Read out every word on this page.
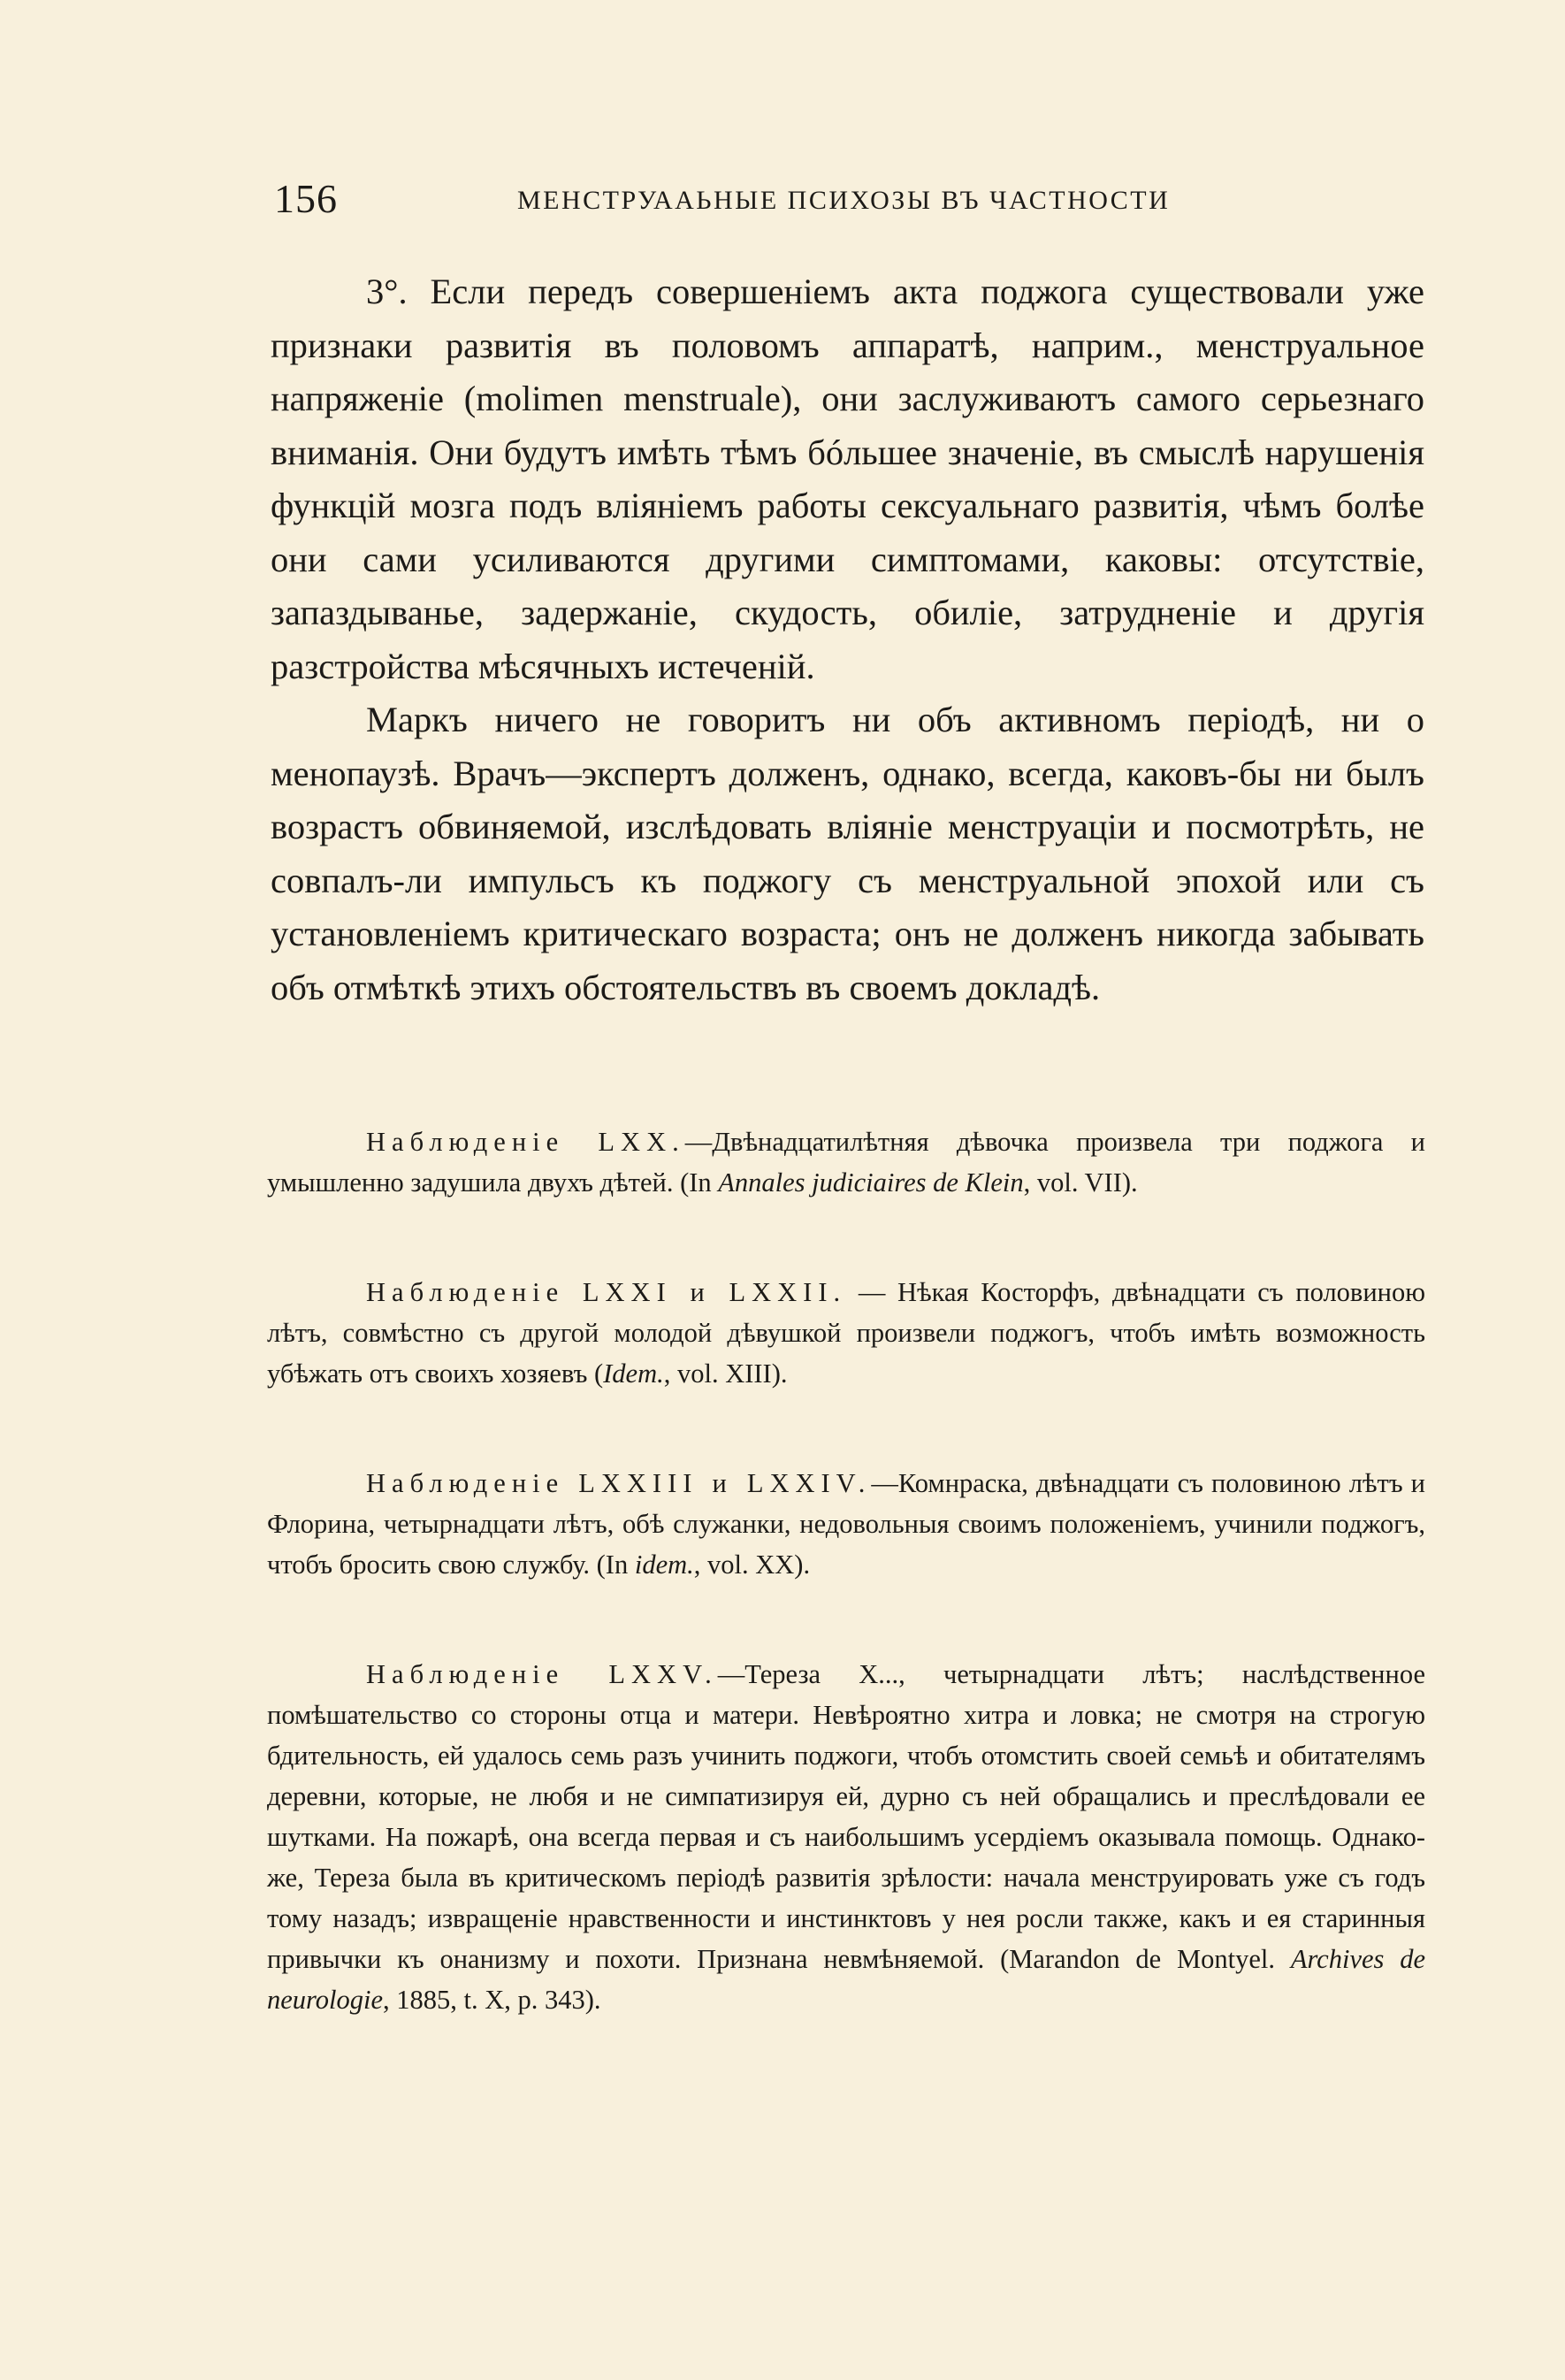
156	МЕНСТРУААЬНЫЕ ПСИХОЗЫ ВЪ ЧАСТНОСТИ

3°. Если передъ совершеніемъ акта поджога существовали уже признаки развитія въ половомъ аппаратѣ, наприм., менструальное напряженіе (molimen menstruale), они заслуживаютъ самого серьезнаго вниманія. Они будутъ имѣть тѣмъ бóльшее значеніе, въ смыслѣ нарушенія функцій мозга подъ вліяніемъ работы сексуальнаго развитія, чѣмъ болѣе они сами усиливаются другими симптомами, каковы: отсутствіе, запаздыванье, задержаніе, скудость, обиліе, затрудненіе и другія разстройства мѣсячныхъ истеченій.

Маркъ ничего не говоритъ ни объ активномъ періодѣ, ни о менопаузѣ. Врачъ—экспертъ долженъ, однако, всегда, каковъ-бы ни былъ возрастъ обвиняемой, изслѣдовать вліяніе менструаціи и посмотрѣть, не совпалъ-ли импульсъ къ поджогу съ менструальной эпохой или съ установленіемъ критическаго возраста; онъ не долженъ никогда забывать объ отмѣткѣ этихъ обстоятельствъ въ своемъ докладѣ.

Наблюденіе LXX.—Двѣнадцатилѣтняя дѣвочка произвела три поджога и умышленно задушила двухъ дѣтей. (In Annales judiciaires de Klein, vol. VII).

Наблюденіе LXXI и LXXII. — Нѣкая Косторфъ, двѣнадцати съ половиною лѣтъ, совмѣстно съ другой молодой дѣвушкой произвели поджогъ, чтобъ имѣть возможность убѣжать отъ своихъ хозяевъ (Idem., vol. XIII).

Наблюденіе LXXIII и LXXIV.—Комнраска, двѣнадцати съ половиною лѣтъ и Флорина, четырнадцати лѣтъ, обѣ служанки, недовольныя своимъ положеніемъ, учинили поджогъ, чтобъ бросить свою службу. (In idem., vol. XX).

Наблюденіе LXXV.—Тереза X..., четырнадцати лѣтъ; наслѣдственное помѣшательство со стороны отца и матери. Невѣроятно хитра и ловка; не смотря на строгую бдительность, ей удалось семь разъ учинить поджоги, чтобъ отомстить своей семьѣ и обитателямъ деревни, которые, не любя и не симпатизируя ей, дурно съ ней обращались и преслѣдовали ее шутками. На пожарѣ, она всегда первая и съ наибольшимъ усердіемъ оказывала помощь. Однако-же, Тереза была въ критическомъ періодѣ развитія зрѣлости: начала менструировать уже съ годъ тому назадъ; извращеніе нравственности и инстинктовъ у нея росли также, какъ и ея старинныя привычки къ онанизму и похоти. Признана невмѣняемой. (Marandon de Montyel. Archives de neurologie, 1885, t. X, p. 343).
